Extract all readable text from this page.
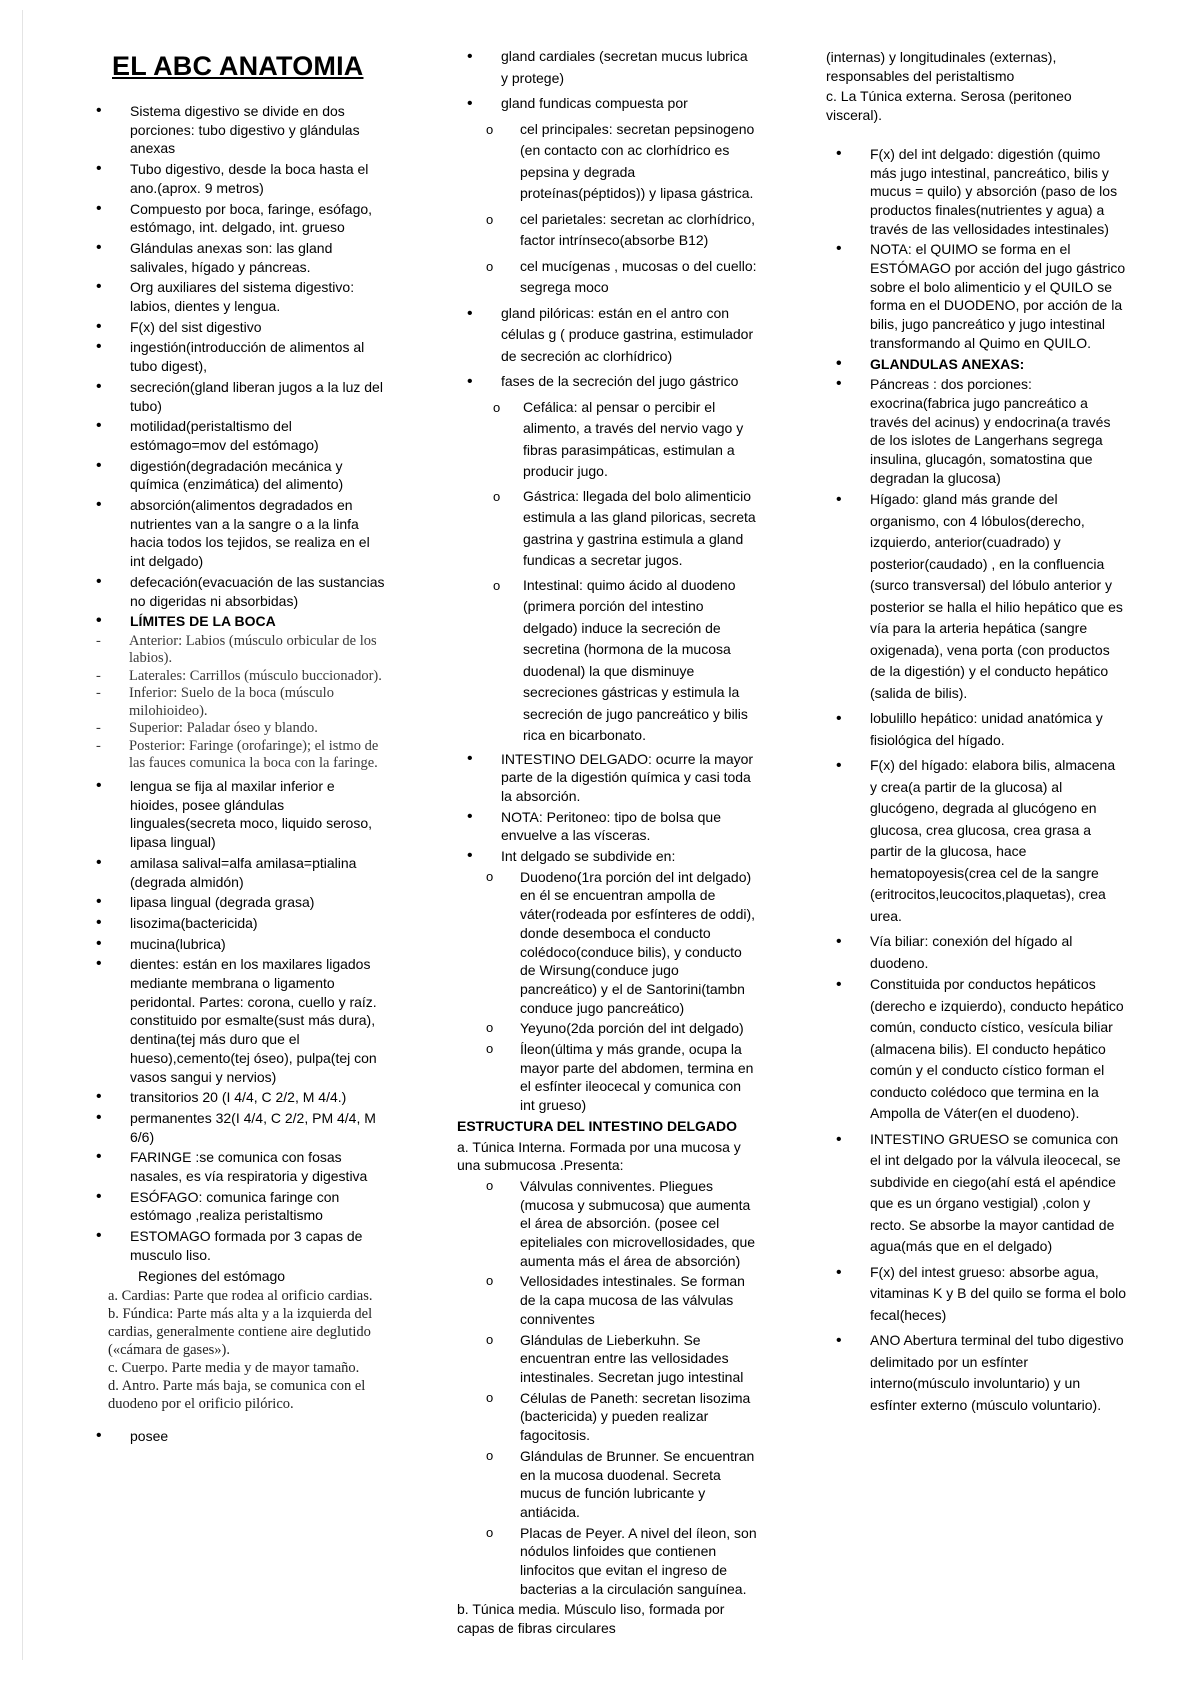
EL ABC ANATOMIA
• Sistema digestivo se divide en dos porciones: tubo digestivo y glándulas anexas
• Tubo digestivo, desde la boca hasta el ano.(aprox. 9 metros)
• Compuesto por boca, faringe, esófago, estómago, int. delgado, int. grueso
• Glándulas anexas son: las gland salivales, hígado y páncreas.
• Org auxiliares del sistema digestivo: labios, dientes y lengua.
• F(x) del sist digestivo
• ingestión(introducción de alimentos al tubo digest),
• secreción(gland liberan jugos a la luz del tubo)
• motilidad(peristaltismo del estómago=mov del estómago)
• digestión(degradación mecánica y química (enzimática) del alimento)
• absorción(alimentos degradados en nutrientes van a la sangre o a la linfa hacia todos los tejidos, se realiza en el int delgado)
• defecación(evacuación de las sustancias no digeridas ni absorbidas)
• LÍMITES DE LA BOCA
- Anterior: Labios (músculo orbicular de los labios).
- Laterales: Carrillos (músculo buccionador).
- Inferior: Suelo de la boca (músculo milohioideo).
- Superior: Paladar óseo y blando.
- Posterior: Faringe (orofaringe); el istmo de las fauces comunica la boca con la faringe.
• lengua se fija al maxilar inferior e hioides, posee glándulas linguales(secreta moco, liquido seroso, lipasa lingual)
• amilasa salival=alfa amilasa=ptialina (degrada almidón)
• lipasa lingual (degrada grasa)
• lisozima(bactericida)
• mucina(lubrica)
• dientes: están en los maxilares ligados mediante membrana o ligamento peridontal. Partes: corona, cuello y raíz. constituido por esmalte(sust más dura), dentina(tej más duro que el hueso),cemento(tej óseo), pulpa(tej con vasos sangui y nervios)
• transitorios 20 (I 4/4, C 2/2, M 4/4.)
• permanentes 32(I 4/4, C 2/2, PM 4/4, M 6/6)
• FARINGE :se comunica con fosas nasales, es vía respiratoria y digestiva
• ESÓFAGO: comunica faringe con estómago ,realiza peristaltismo
• ESTOMAGO formada por 3 capas de musculo liso.
Regiones del estómago
a. Cardias: Parte que rodea al orificio cardias.
b. Fúndica: Parte más alta y a la izquierda del cardias, generalmente contiene aire deglutido («cámara de gases»).
c. Cuerpo. Parte media y de mayor tamaño.
d. Antro. Parte más baja, se comunica con el duodeno por el orificio pilórico.
• posee
• gland cardiales (secretan mucus lubrica y protege)
• gland fundicas compuesta por
o cel principales: secretan pepsinogeno (en contacto con ac clorhídrico es pepsina y degrada proteínas(péptidos)) y lipasa gástrica.
o cel parietales: secretan ac clorhídrico, factor intrínseco(absorbe B12)
o cel mucígenas , mucosas o del cuello: segrega moco
• gland pilóricas: están en el antro con células g ( produce gastrina, estimulador de secreción ac clorhídrico)
• fases de la secreción del jugo gástrico
o Cefálica: al pensar o percibir el alimento, a través del nervio vago y fibras parasimpáticas, estimulan a producir jugo.
o Gástrica: llegada del bolo alimenticio estimula a las gland piloricas, secreta gastrina y gastrina estimula a gland fundicas a secretar jugos.
o Intestinal: quimo ácido al duodeno (primera porción del intestino delgado) induce la secreción de secretina (hormona de la mucosa duodenal) la que disminuye secreciones gástricas y estimula la secreción de jugo pancreático y bilis rica en bicarbonato.
• INTESTINO DELGADO: ocurre la mayor parte de la digestión química y casi toda la absorción.
• NOTA: Peritoneo: tipo de bolsa que envuelve a las vísceras.
• Int delgado se subdivide en:
o Duodeno(1ra porción del int delgado) en él se encuentran ampolla de váter(rodeada por esfínteres de oddi), donde desemboca el conducto colédoco(conduce bilis), y conducto de Wirsung(conduce jugo pancreático) y el de Santorini(tambn conduce jugo pancreático)
o Yeyuno(2da porción del int delgado)
o Íleon(última y más grande, ocupa la mayor parte del abdomen, termina en el esfínter ileocecal y comunica con int grueso)
ESTRUCTURA DEL INTESTINO DELGADO
a. Túnica Interna. Formada por una mucosa y una submucosa .Presenta:
o Válvulas conniventes. Pliegues (mucosa y submucosa) que aumenta el área de absorción. (posee cel epiteliales con microvellosidades, que aumenta más el área de absorción)
o Vellosidades intestinales. Se forman de la capa mucosa de las válvulas conniventes
o Glándulas de Lieberkuhn. Se encuentran entre las vellosidades intestinales. Secretan jugo intestinal
o Células de Paneth: secretan lisozima (bactericida) y pueden realizar fagocitosis.
o Glándulas de Brunner. Se encuentran en la mucosa duodenal. Secreta mucus de función lubricante y antiácida.
o Placas de Peyer. A nivel del íleon, son nódulos linfoides que contienen linfocitos que evitan el ingreso de bacterias a la circulación sanguínea.
b. Túnica media. Músculo liso, formada por capas de fibras circulares
(internas) y longitudinales (externas), responsables del peristaltismo
c. La Túnica externa. Serosa (peritoneo visceral).
• F(x) del int delgado: digestión (quimo más jugo intestinal, pancreático, bilis y mucus = quilo) y absorción (paso de los productos finales(nutrientes y agua) a través de las vellosidades intestinales)
• NOTA: el QUIMO se forma en el ESTÓMAGO por acción del jugo gástrico sobre el bolo alimenticio y el QUILO se forma en el DUODENO, por acción de la bilis, jugo pancreático y jugo intestinal transformando al Quimo en QUILO.
• GLANDULAS ANEXAS:
• Páncreas : dos porciones: exocrina(fabrica jugo pancreático a través del acinus) y endocrina(a través de los islotes de Langerhans segrega insulina, glucagón, somatostina que degradan la glucosa)
• Hígado: gland más grande del organismo, con 4 lóbulos(derecho, izquierdo, anterior(cuadrado) y posterior(caudado) , en la confluencia (surco transversal) del lóbulo anterior y posterior se halla el hilio hepático que es vía para la arteria hepática (sangre oxigenada), vena porta (con productos de la digestión) y el conducto hepático (salida de bilis).
• lobulillo hepático: unidad anatómica y fisiológica del hígado.
• F(x) del hígado: elabora bilis, almacena y crea(a partir de la glucosa) al glucógeno, degrada al glucógeno en glucosa, crea glucosa, crea grasa a partir de la glucosa, hace hematopoyesis(crea cel de la sangre (eritrocitos,leucocitos,plaquetas), crea urea.
• Vía biliar: conexión del hígado al duodeno.
• Constituida por conductos hepáticos (derecho e izquierdo), conducto hepático común, conducto cístico, vesícula biliar (almacena bilis). El conducto hepático común y el conducto cístico forman el conducto colédoco que termina en la Ampolla de Váter(en el duodeno).
• INTESTINO GRUESO se comunica con el int delgado por la válvula ileocecal, se subdivide en ciego(ahí está el apéndice que es un órgano vestigial) ,colon y recto. Se absorbe la mayor cantidad de agua(más que en el delgado)
• F(x) del intest grueso: absorbe agua, vitaminas K y B del quilo se forma el bolo fecal(heces)
• ANO Abertura terminal del tubo digestivo delimitado por un esfínter interno(músculo involuntario) y un esfínter externo (músculo voluntario).
